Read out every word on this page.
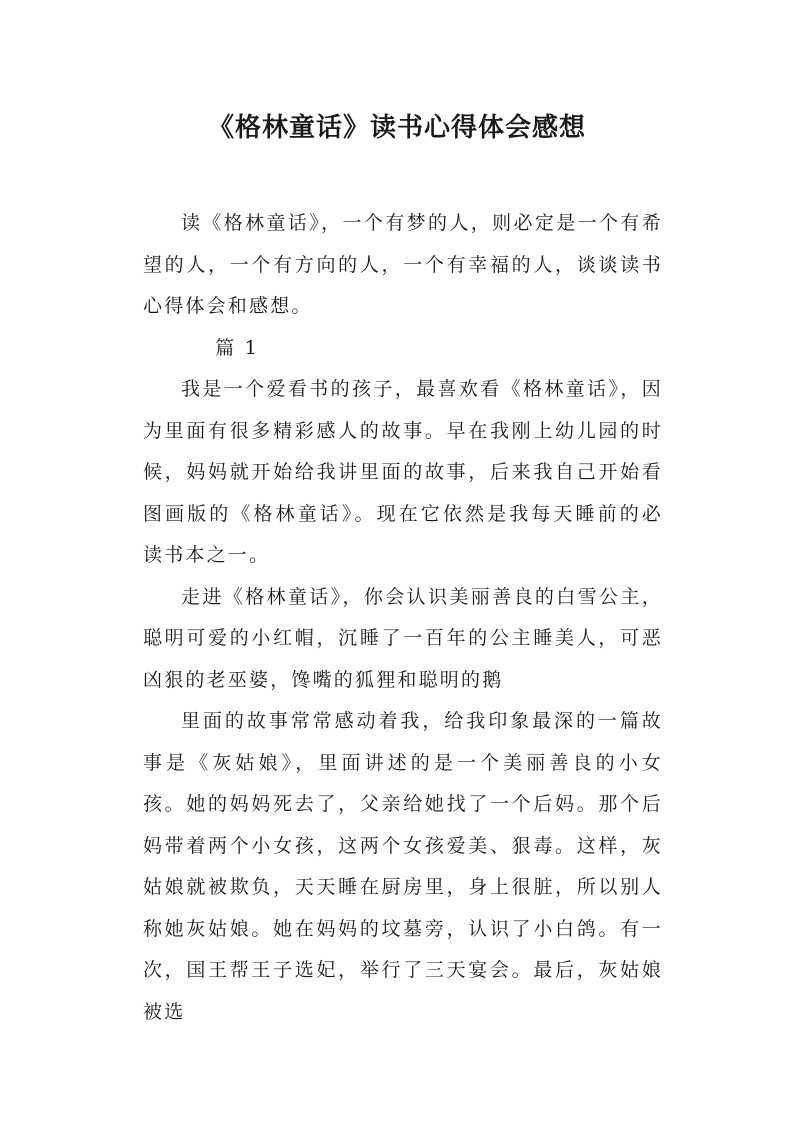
《格林童话》读书心得体会感想

读《格林童话》，一个有梦的人，则必定是一个有希望的人，一个有方向的人，一个有幸福的人，谈谈读书心得体会和感想。

篇 1

我是一个爱看书的孩子，最喜欢看《格林童话》，因为里面有很多精彩感人的故事。早在我刚上幼儿园的时候，妈妈就开始给我讲里面的故事，后来我自己开始看图画版的《格林童话》。现在它依然是我每天睡前的必读书本之一。

走进《格林童话》，你会认识美丽善良的白雪公主，聪明可爱的小红帽，沉睡了一百年的公主睡美人，可恶凶狠的老巫婆，馋嘴的狐狸和聪明的鹅

里面的故事常常感动着我，给我印象最深的一篇故事是《灰姑娘》，里面讲述的是一个美丽善良的小女孩。她的妈妈死去了，父亲给她找了一个后妈。那个后妈带着两个小女孩，这两个女孩爱美、狠毒。这样，灰姑娘就被欺负，天天睡在厨房里，身上很脏，所以别人称她灰姑娘。她在妈妈的坟墓旁，认识了小白鸽。有一次，国王帮王子选妃，举行了三天宴会。最后，灰姑娘被选
